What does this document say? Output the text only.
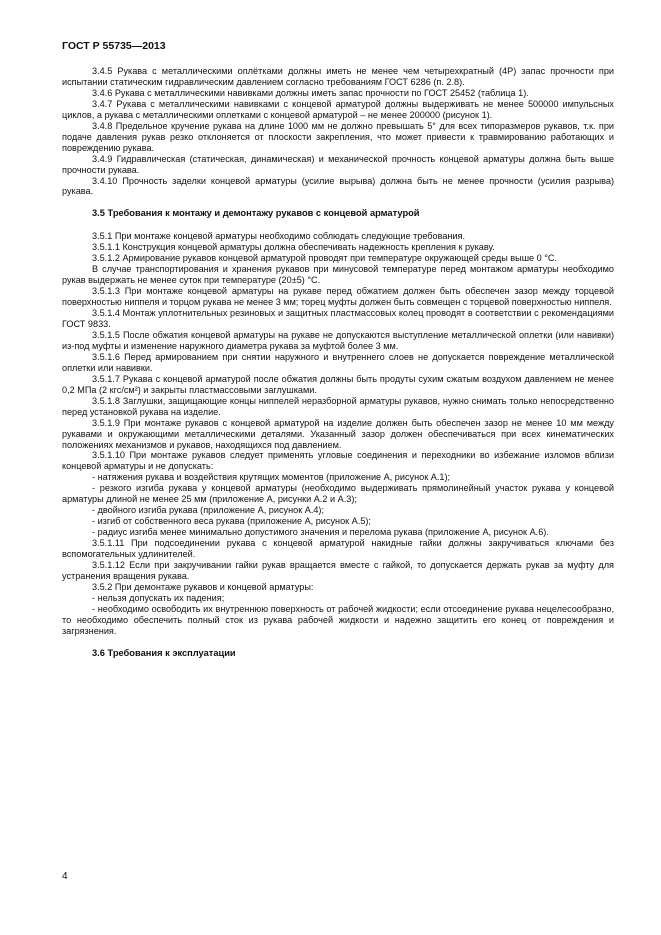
ГОСТ Р 55735—2013

3.4.5 Рукава с металлическими оплётками должны иметь не менее чем четырехкратный (4P) запас прочности при испытании статическим гидравлическим давлением согласно требованиям ГОСТ 6286 (п. 2.8).

3.4.6 Рукава с металлическими навивками должны иметь запас прочности по ГОСТ 25452 (таблица 1).

3.4.7 Рукава с металлическими навивками с концевой арматурой должны выдерживать не менее 500000 импульсных циклов, а рукава с металлическими оплетками с концевой арматурой – не менее 200000 (рисунок 1).

3.4.8 Предельное кручение рукава на длине 1000 мм не должно превышать 5° для всех типоразмеров рукавов, т.к. при подаче давления рукав резко отклоняется от плоскости закрепления, что может привести к травмированию работающих и повреждению рукава.

3.4.9 Гидравлическая (статическая, динамическая) и механической прочность концевой арматуры должна быть выше прочности рукава.

3.4.10 Прочность заделки концевой арматуры (усилие вырыва) должна быть не менее прочности (усилия разрыва) рукава.

3.5 Требования к монтажу и демонтажу рукавов с концевой арматурой

3.5.1 При монтаже концевой арматуры необходимо соблюдать следующие требования.

3.5.1.1 Конструкция концевой арматуры должна обеспечивать надежность крепления к рукаву.

3.5.1.2 Армирование рукавов концевой арматурой проводят при температуре окружающей среды выше 0 °С.

В случае транспортирования и хранения рукавов при минусовой температуре перед монтажом арматуры необходимо рукав выдержать не менее суток при температуре (20±5) °С.

3.5.1.3 При монтаже концевой арматуры на рукаве перед обжатием должен быть обеспечен зазор между торцевой поверхностью ниппеля и торцом рукава не менее 3 мм; торец муфты должен быть совмещен с торцевой поверхностью ниппеля.

3.5.1.4 Монтаж уплотнительных резиновых и защитных пластмассовых колец проводят в соответствии с рекомендациями ГОСТ 9833.

3.5.1.5 После обжатия концевой арматуры на рукаве не допускаются выступление металлической оплетки (или навивки) из-под муфты и изменение наружного диаметра рукава за муфтой более 3 мм.

3.5.1.6 Перед армированием при снятии наружного и внутреннего слоев не допускается повреждение металлической оплетки или навивки.

3.5.1.7 Рукава с концевой арматурой после обжатия должны быть продуты сухим сжатым воздухом давлением не менее 0,2 МПа (2 кгс/см²) и закрыты пластмассовыми заглушками.

3.5.1.8 Заглушки, защищающие концы ниппелей неразборной арматуры рукавов, нужно снимать только непосредственно перед установкой рукава на изделие.

3.5.1.9 При монтаже рукавов с концевой арматурой на изделие должен быть обеспечен зазор не менее 10 мм между рукавами и окружающими металлическими деталями. Указанный зазор должен обеспечиваться при всех кинематических положениях механизмов и рукавов, находящихся под давлением.

3.5.1.10 При монтаже рукавов следует применять угловые соединения и переходники во избежание изломов вблизи концевой арматуры и не допускать:

- натяжения рукава и воздействия крутящих моментов (приложение А, рисунок А.1);

- резкого изгиба рукава у концевой арматуры (необходимо выдерживать прямолинейный участок рукава у концевой арматуры длиной не менее 25 мм (приложение А, рисунки А.2 и А.3);

- двойного изгиба рукава (приложение А, рисунок А.4);

- изгиб от собственного веса рукава (приложение А, рисунок А.5);

- радиус изгиба менее минимально допустимого значения и перелома рукава (приложение А, рисунок А.6).

3.5.1.11 При подсоединении рукава с концевой арматурой накидные гайки должны закручиваться ключами без вспомогательных удлинителей.

3.5.1.12 Если при закручивании гайки рукав вращается вместе с гайкой, то допускается держать рукав за муфту для устранения вращения рукава.

3.5.2 При демонтаже рукавов и концевой арматуры:

- нельзя допускать их падения;

- необходимо освободить их внутреннюю поверхность от рабочей жидкости; если отсоединение рукава нецелесообразно, то необходимо обеспечить полный сток из рукава рабочей жидкости и надежно защитить его конец от повреждения и загрязнения.

3.6 Требования к эксплуатации
4
